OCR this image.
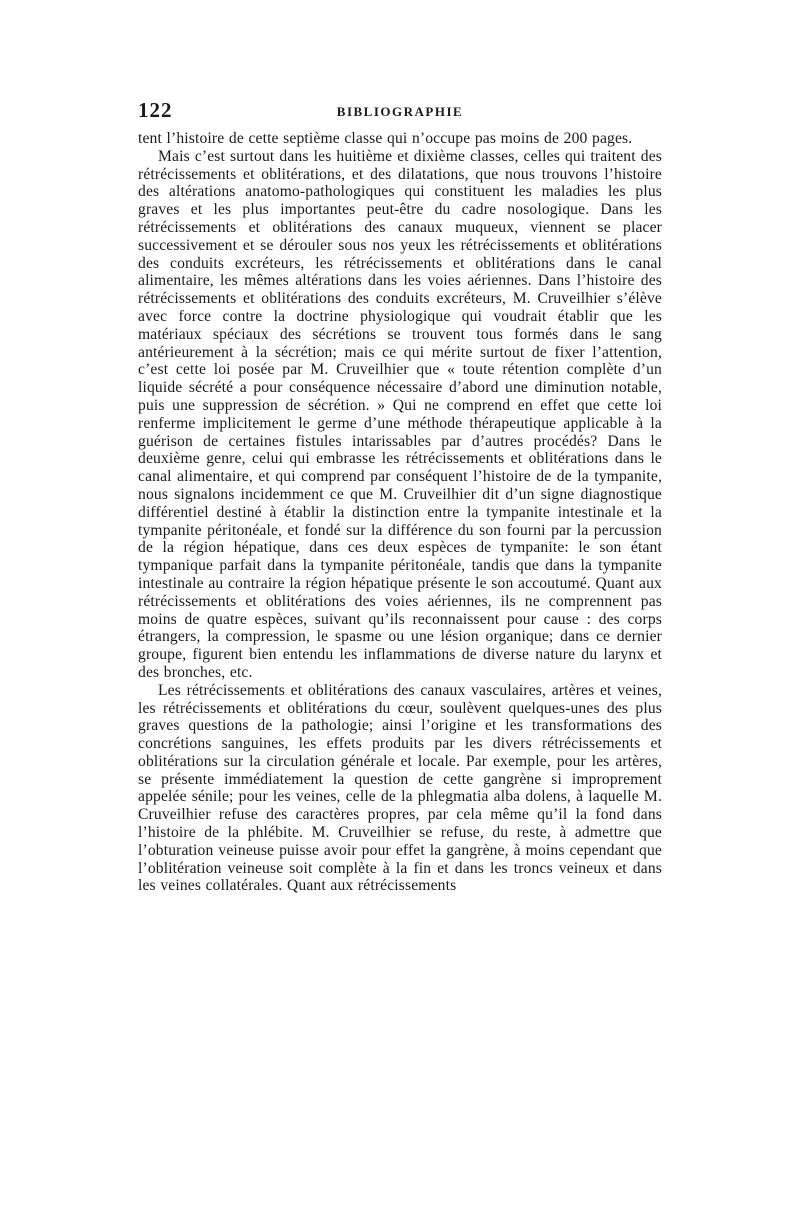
122	BIBLIOGRAPHIE

tent l’histoire de cette septième classe qui n’occupe pas moins de 200 pages.

Mais c’est surtout dans les huitième et dixième classes, celles qui traitent des rétrécissements et oblitérations, et des dilatations, que nous trouvons l’histoire des altérations anatomo-pathologiques qui constituent les maladies les plus graves et les plus importantes peut-être du cadre nosologique. Dans les rétrécissements et oblitérations des canaux muqueux, viennent se placer successivement et se dérouler sous nos yeux les rétrécissements et oblitérations des conduits excréteurs, les rétrécissements et oblitérations dans le canal alimentaire, les mêmes altérations dans les voies aériennes. Dans l’histoire des rétrécissements et oblitérations des conduits excréteurs, M. Cruveilhier s’élève avec force contre la doctrine physiologique qui voudrait établir que les matériaux spéciaux des sécrétions se trouvent tous formés dans le sang antérieurement à la sécrétion; mais ce qui mérite surtout de fixer l’attention, c’est cette loi posée par M. Cruveilhier que « toute rétention complète d’un liquide sécrété a pour conséquence nécessaire d’abord une diminution notable, puis une suppression de sécrétion. » Qui ne comprend en effet que cette loi renferme implicitement le germe d’une méthode thérapeutique applicable à la guérison de certaines fistules intarissables par d’autres procédés? Dans le deuxième genre, celui qui embrasse les rétrécissements et oblitérations dans le canal alimentaire, et qui comprend par conséquent l’histoire de de la tympanite, nous signalons incidemment ce que M. Cruveilhier dit d’un signe diagnostique différentiel destiné à établir la distinction entre la tympanite intestinale et la tympanite péritonéale, et fondé sur la différence du son fourni par la percussion de la région hépatique, dans ces deux espèces de tympanite: le son étant tympanique parfait dans la tympanite péritonéale, tandis que dans la tympanite intestinale au contraire la région hépatique présente le son accoutumé. Quant aux rétrécissements et oblitérations des voies aériennes, ils ne comprennent pas moins de quatre espèces, suivant qu’ils reconnaissent pour cause : des corps étrangers, la compression, le spasme ou une lésion organique; dans ce dernier groupe, figurent bien entendu les inflammations de diverse nature du larynx et des bronches, etc.

Les rétrécissements et oblitérations des canaux vasculaires, artères et veines, les rétrécissements et oblitérations du cœur, soulèvent quelques-unes des plus graves questions de la pathologie; ainsi l’origine et les transformations des concrétions sanguines, les effets produits par les divers rétrécissements et oblitérations sur la circulation générale et locale. Par exemple, pour les artères, se présente immédiatement la question de cette gangrène si improprement appelée sénile; pour les veines, celle de la phlegmatia alba dolens, à laquelle M. Cruveilhier refuse des caractères propres, par cela même qu’il la fond dans l’histoire de la phlébite. M. Cruveilhier se refuse, du reste, à admettre que l’obturation veineuse puisse avoir pour effet la gangrène, à moins cependant que l’oblitération veineuse soit complète à la fin et dans les troncs veineux et dans les veines collatérales. Quant aux rétrécissements
